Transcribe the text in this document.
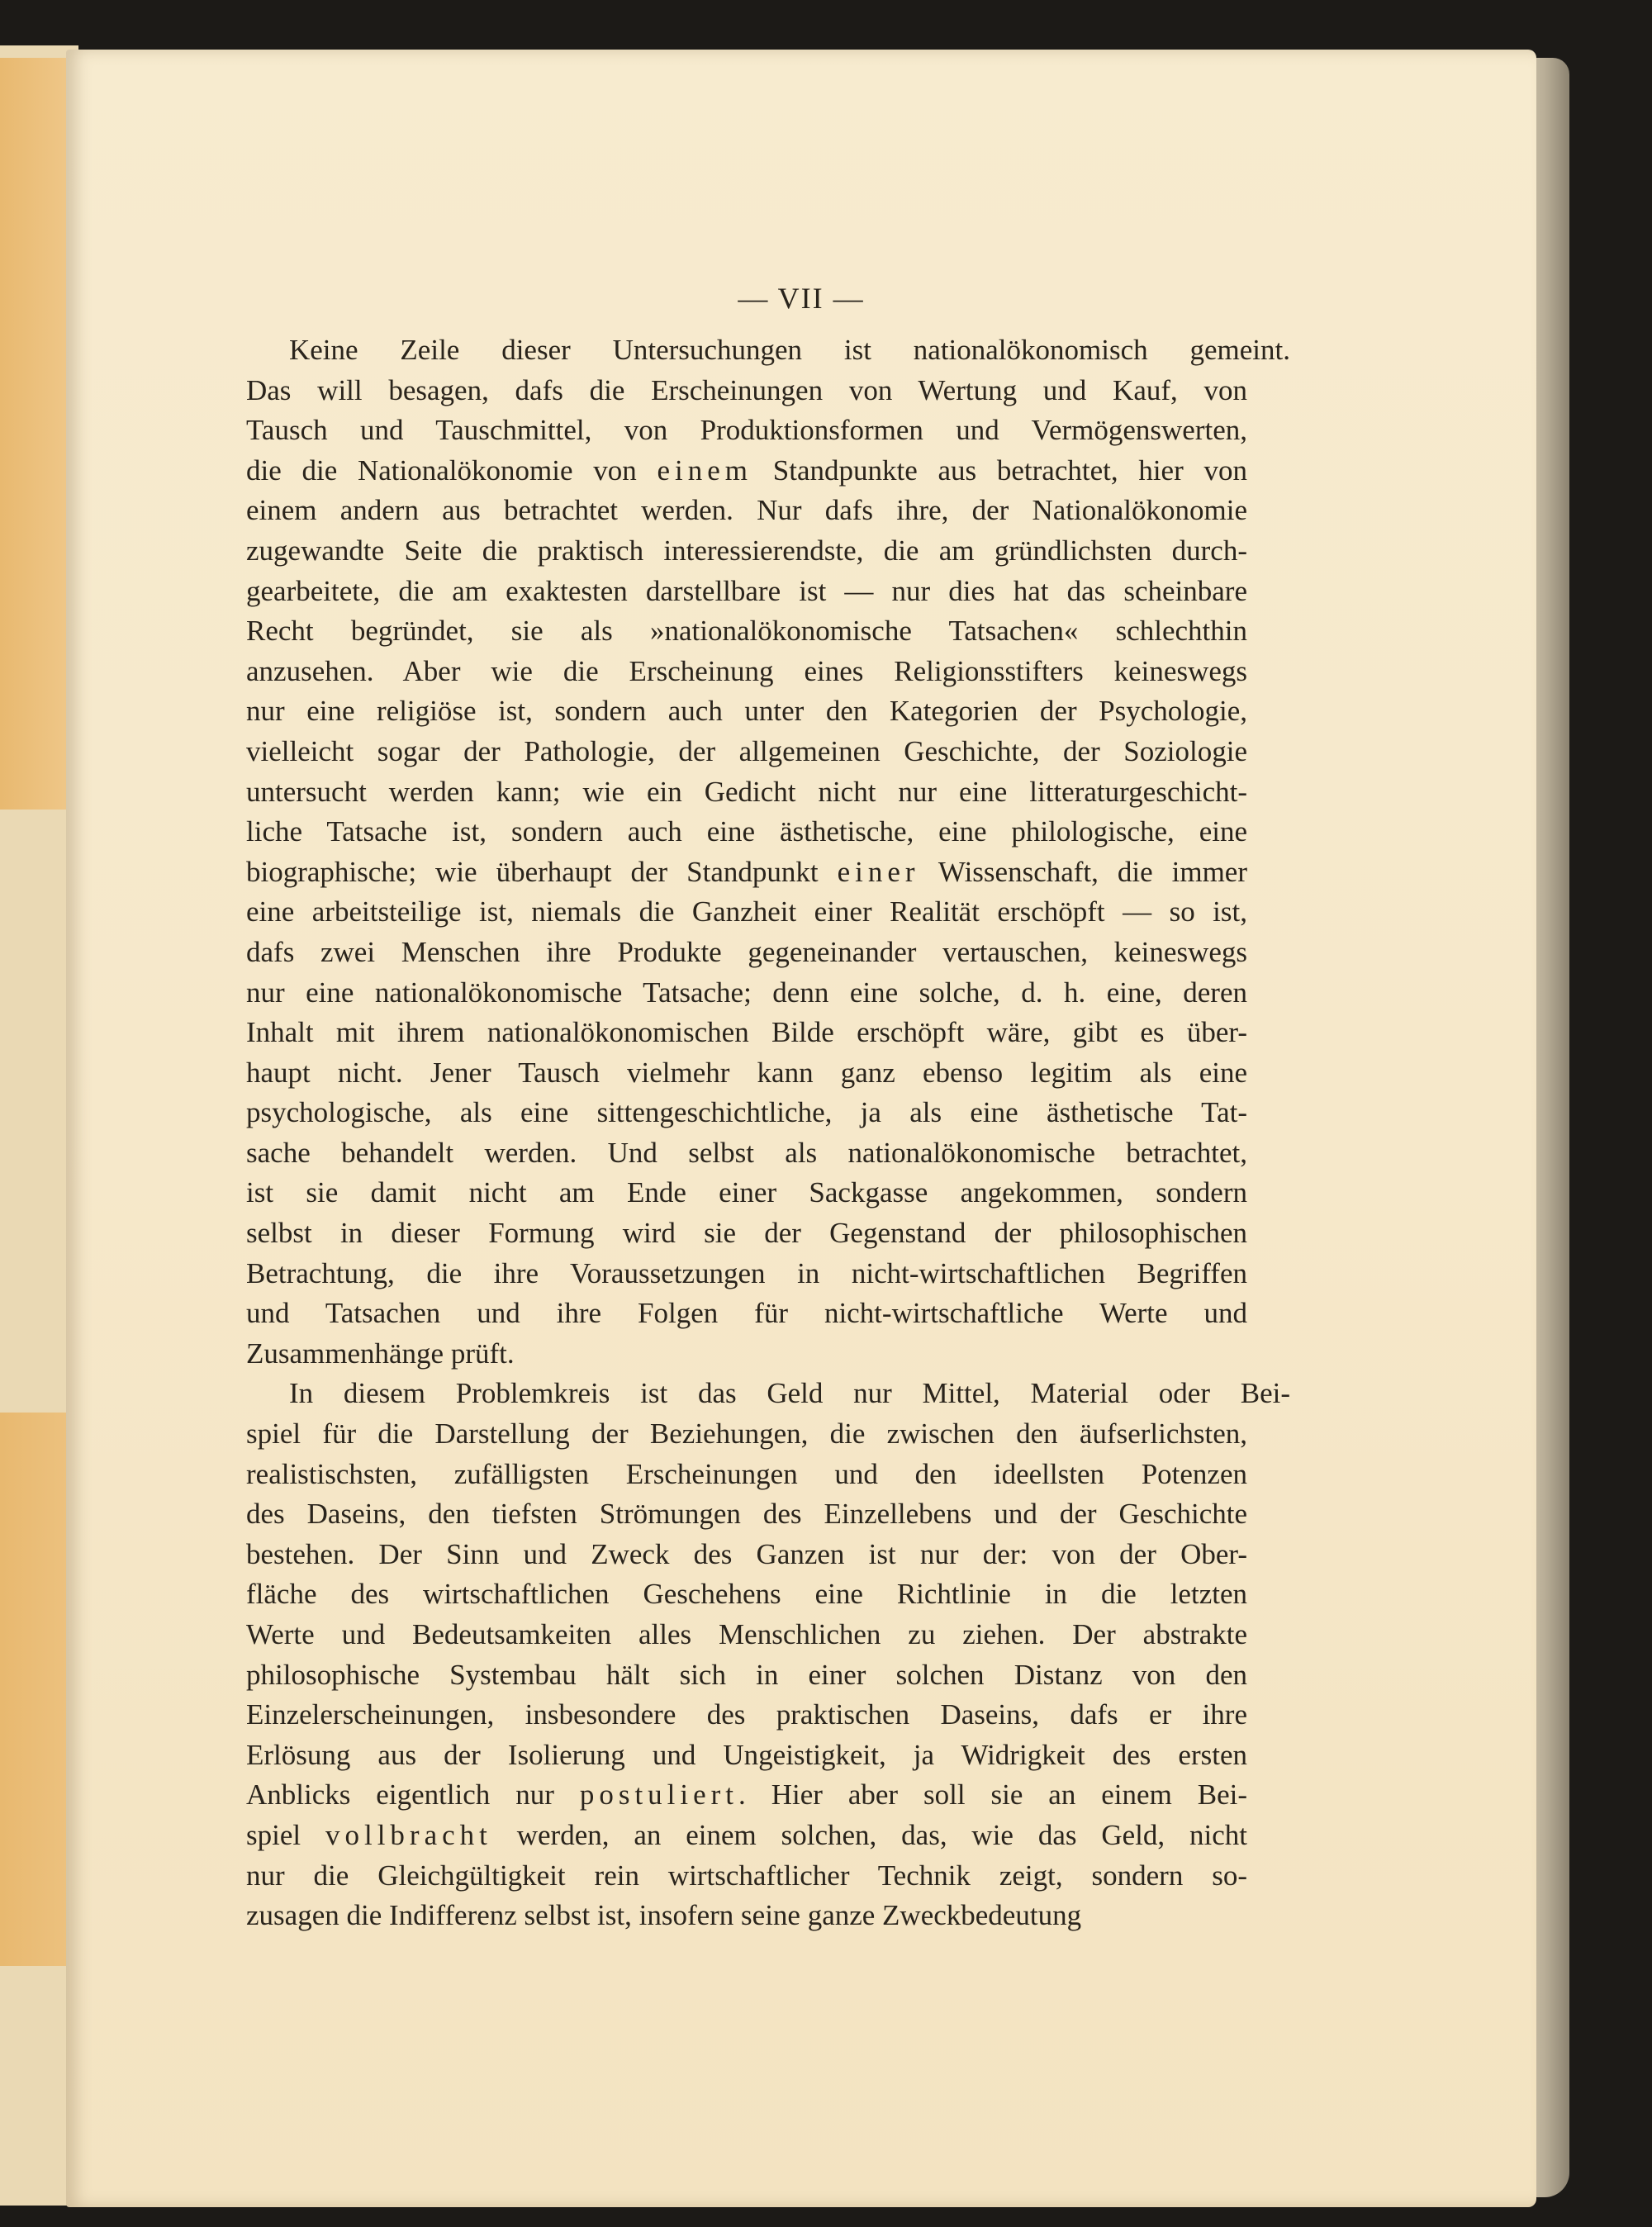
— VII —
Keine Zeile dieser Untersuchungen ist nationalökonomisch gemeint.
Das will besagen, dafs die Erscheinungen von Wertung und Kauf, von
Tausch und Tauschmittel, von Produktionsformen und Vermögenswerten,
die die Nationalökonomie von einem Standpunkte aus betrachtet, hier von
einem andern aus betrachtet werden. Nur dafs ihre, der Nationalökonomie
zugewandte Seite die praktisch interessierendste, die am gründlichsten durch-
gearbeitete, die am exaktesten darstellbare ist — nur dies hat das scheinbare
Recht begründet, sie als »nationalökonomische Tatsachen« schlechthin
anzusehen. Aber wie die Erscheinung eines Religionsstifters keineswegs
nur eine religiöse ist, sondern auch unter den Kategorien der Psychologie,
vielleicht sogar der Pathologie, der allgemeinen Geschichte, der Soziologie
untersucht werden kann; wie ein Gedicht nicht nur eine litteraturgeschicht-
liche Tatsache ist, sondern auch eine ästhetische, eine philologische, eine
biographische; wie überhaupt der Standpunkt einer Wissenschaft, die immer
eine arbeitsteilige ist, niemals die Ganzheit einer Realität erschöpft — so ist,
dafs zwei Menschen ihre Produkte gegeneinander vertauschen, keineswegs
nur eine nationalökonomische Tatsache; denn eine solche, d. h. eine, deren
Inhalt mit ihrem nationalökonomischen Bilde erschöpft wäre, gibt es über-
haupt nicht. Jener Tausch vielmehr kann ganz ebenso legitim als eine
psychologische, als eine sittengeschichtliche, ja als eine ästhetische Tat-
sache behandelt werden. Und selbst als nationalökonomische betrachtet,
ist sie damit nicht am Ende einer Sackgasse angekommen, sondern
selbst in dieser Formung wird sie der Gegenstand der philosophischen
Betrachtung, die ihre Voraussetzungen in nicht-wirtschaftlichen Begriffen
und Tatsachen und ihre Folgen für nicht-wirtschaftliche Werte und
Zusammenhänge prüft.
In diesem Problemkreis ist das Geld nur Mittel, Material oder Bei-
spiel für die Darstellung der Beziehungen, die zwischen den äufserlichsten,
realistischsten, zufälligsten Erscheinungen und den ideellsten Potenzen
des Daseins, den tiefsten Strömungen des Einzellebens und der Geschichte
bestehen. Der Sinn und Zweck des Ganzen ist nur der: von der Ober-
fläche des wirtschaftlichen Geschehens eine Richtlinie in die letzten
Werte und Bedeutsamkeiten alles Menschlichen zu ziehen. Der abstrakte
philosophische Systembau hält sich in einer solchen Distanz von den
Einzelerscheinungen, insbesondere des praktischen Daseins, dafs er ihre
Erlösung aus der Isolierung und Ungeistigkeit, ja Widrigkeit des ersten
Anblicks eigentlich nur postuliert. Hier aber soll sie an einem Bei-
spiel vollbracht werden, an einem solchen, das, wie das Geld, nicht
nur die Gleichgültigkeit rein wirtschaftlicher Technik zeigt, sondern so-
zusagen die Indifferenz selbst ist, insofern seine ganze Zweckbedeutung
